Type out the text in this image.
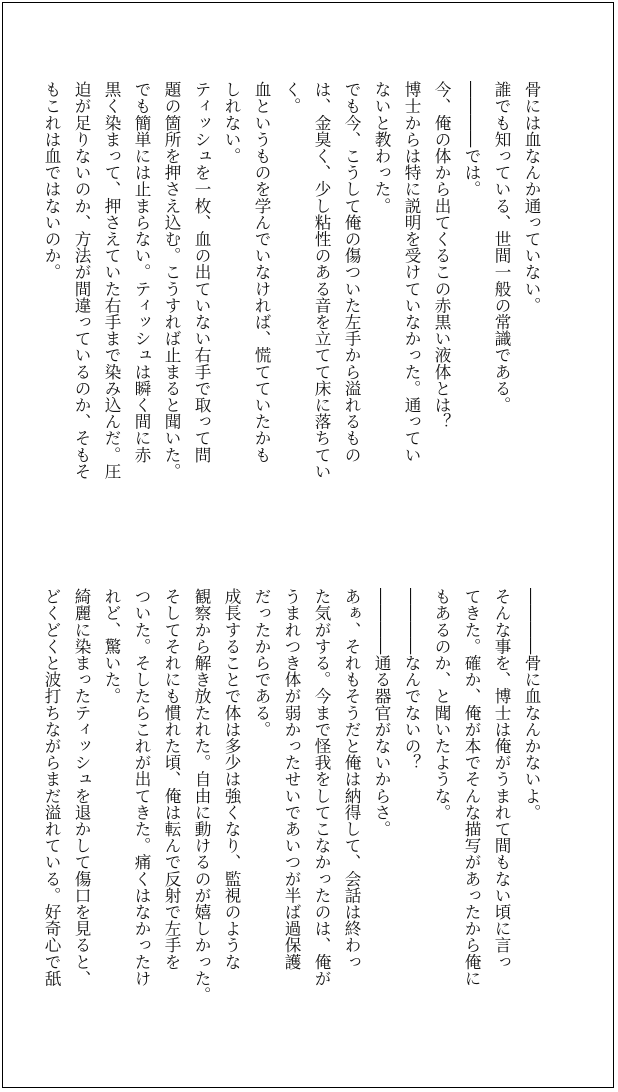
骨には血なんか通っていない。
誰でも知っている、世間一般の常識である。
――――では。
今、俺の体から出てくるこの赤黒い液体とは？
博士からは特に説明を受けていなかった。通ってい
ないと教わった。
でも今、こうして俺の傷ついた左手から溢れるもの
は、金臭く、少し粘性のある音を立てて床に落ちてい
く。
血というものを学んでいなければ、慌てていたかも
しれない。
ティッシュを一枚、血の出ていない右手で取って問
題の箇所を押さえ込む。こうすれば止まると聞いた。
でも簡単には止まらない。ティッシュは瞬く間に赤
黒く染まって、押さえていた右手まで染み込んだ。圧
迫が足りないのか、方法が間違っているのか、そもそ
もこれは血ではないのか。
――――骨に血なんかないよ。
そんな事を、博士は俺がうまれて間もない頃に言っ
てきた。確か、俺が本でそんな描写があったから俺に
もあるのか、と聞いたような。
――――なんでないの？
――――通る器官がないからさ。
あぁ、それもそうだと俺は納得して、会話は終わっ
た気がする。今まで怪我をしてこなかったのは、俺が
うまれつき体が弱かったせいであいつが半ば過保護
だったからである。
成長することで体は多少は強くなり、監視のような
観察から解き放たれた。自由に動けるのが嬉しかった。
そしてそれにも慣れた頃、俺は転んで反射で左手を
ついた。そしたらこれが出てきた。痛くはなかったけ
れど、驚いた。
綺麗に染まったティッシュを退かして傷口を見ると、
どくどくと波打ちながらまだ溢れている。好奇心で舐
